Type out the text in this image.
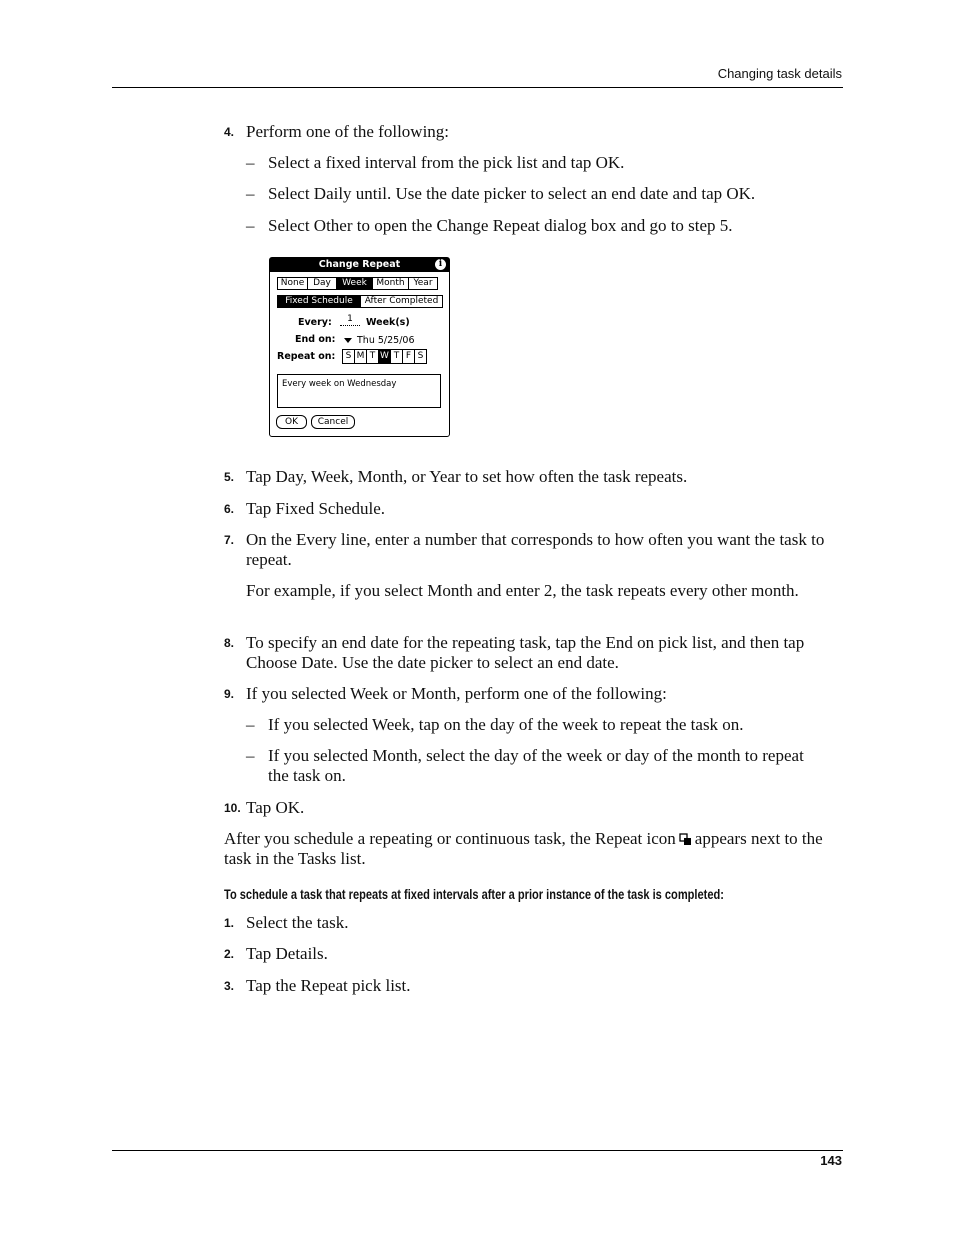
Changing task details
4. Perform one of the following:
– Select a fixed interval from the pick list and tap OK.
– Select Daily until. Use the date picker to select an end date and tap OK.
– Select Other to open the Change Repeat dialog box and go to step 5.
Change Repeat	i
None Day	Week	Month Year
Fixed Schedule	After Completed
Every:	1	Week(s)
End on: Thu 5/25/06
Repeat on: S M T W T F S
Every week on Wednesday
OK	Cancel
5. Tap Day, Week, Month, or Year to set how often the task repeats.
6. Tap Fixed Schedule.
7. On the Every line, enter a number that corresponds to how often you want the task to repeat.
For example, if you select Month and enter 2, the task repeats every other month.
8. To specify an end date for the repeating task, tap the End on pick list, and then tap Choose Date. Use the date picker to select an end date.
9. If you selected Week or Month, perform one of the following:
– If you selected Week, tap on the day of the week to repeat the task on.
– If you selected Month, select the day of the week or day of the month to repeat the task on.
10. Tap OK.
After you schedule a repeating or continuous task, the Repeat icon appears next to the task in the Tasks list.
To schedule a task that repeats at fixed intervals after a prior instance of the task is completed:
1. Select the task.
2. Tap Details.
3. Tap the Repeat pick list.
143
